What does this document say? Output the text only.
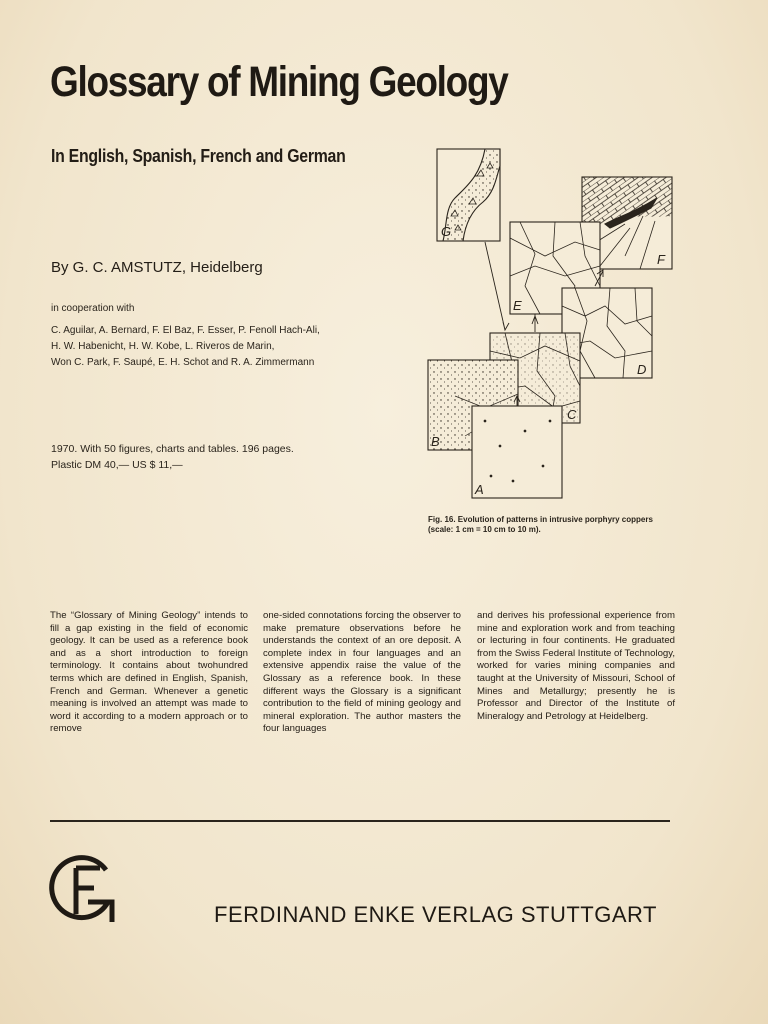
Glossary of Mining Geology
In English, Spanish, French and German
By G. C. AMSTUTZ, Heidelberg
in cooperation with
C. Aguilar, A. Bernard, F. El Baz, F. Esser, P. Fenoll Hach-Ali,
H. W. Habenicht, H. W. Kobe, L. Riveros de Marin,
Won C. Park, F. Saupé, E. H. Schot and R. A. Zimmermann
1970. With 50 figures, charts and tables. 196 pages.
Plastic DM 40,— US $ 11,—
G
F
E
D
C
B
A
Fig. 16. Evolution of patterns in intrusive porphyry coppers
(scale: 1 cm = 10 cm to 10 m).
The “Glossary of Mining Geology” intends to fill a gap existing in the field of economic geology. It can be used as a reference book and as a short introduction to foreign terminology. It contains about twohundred terms which are defined in English, Spanish, French and German. Whenever a genetic meaning is involved an attempt was made to word it according to a modern approach or to remove
one-sided connotations forcing the observer to make premature observations before he understands the context of an ore deposit. A complete index in four languages and an extensive appendix raise the value of the Glossary as a reference book. In these different ways the Glossary is a significant contribution to the field of mining geology and mineral exploration. The author masters the four languages
and derives his professional experience from mine and exploration work and from teaching or lecturing in four continents. He graduated from the Swiss Federal Institute of Technology, worked for varies mining companies and taught at the University of Missouri, School of Mines and Metallurgy; presently he is Professor and Director of the Institute of Mineralogy and Petrology at Heidelberg.
FERDINAND ENKE VERLAG STUTTGART
